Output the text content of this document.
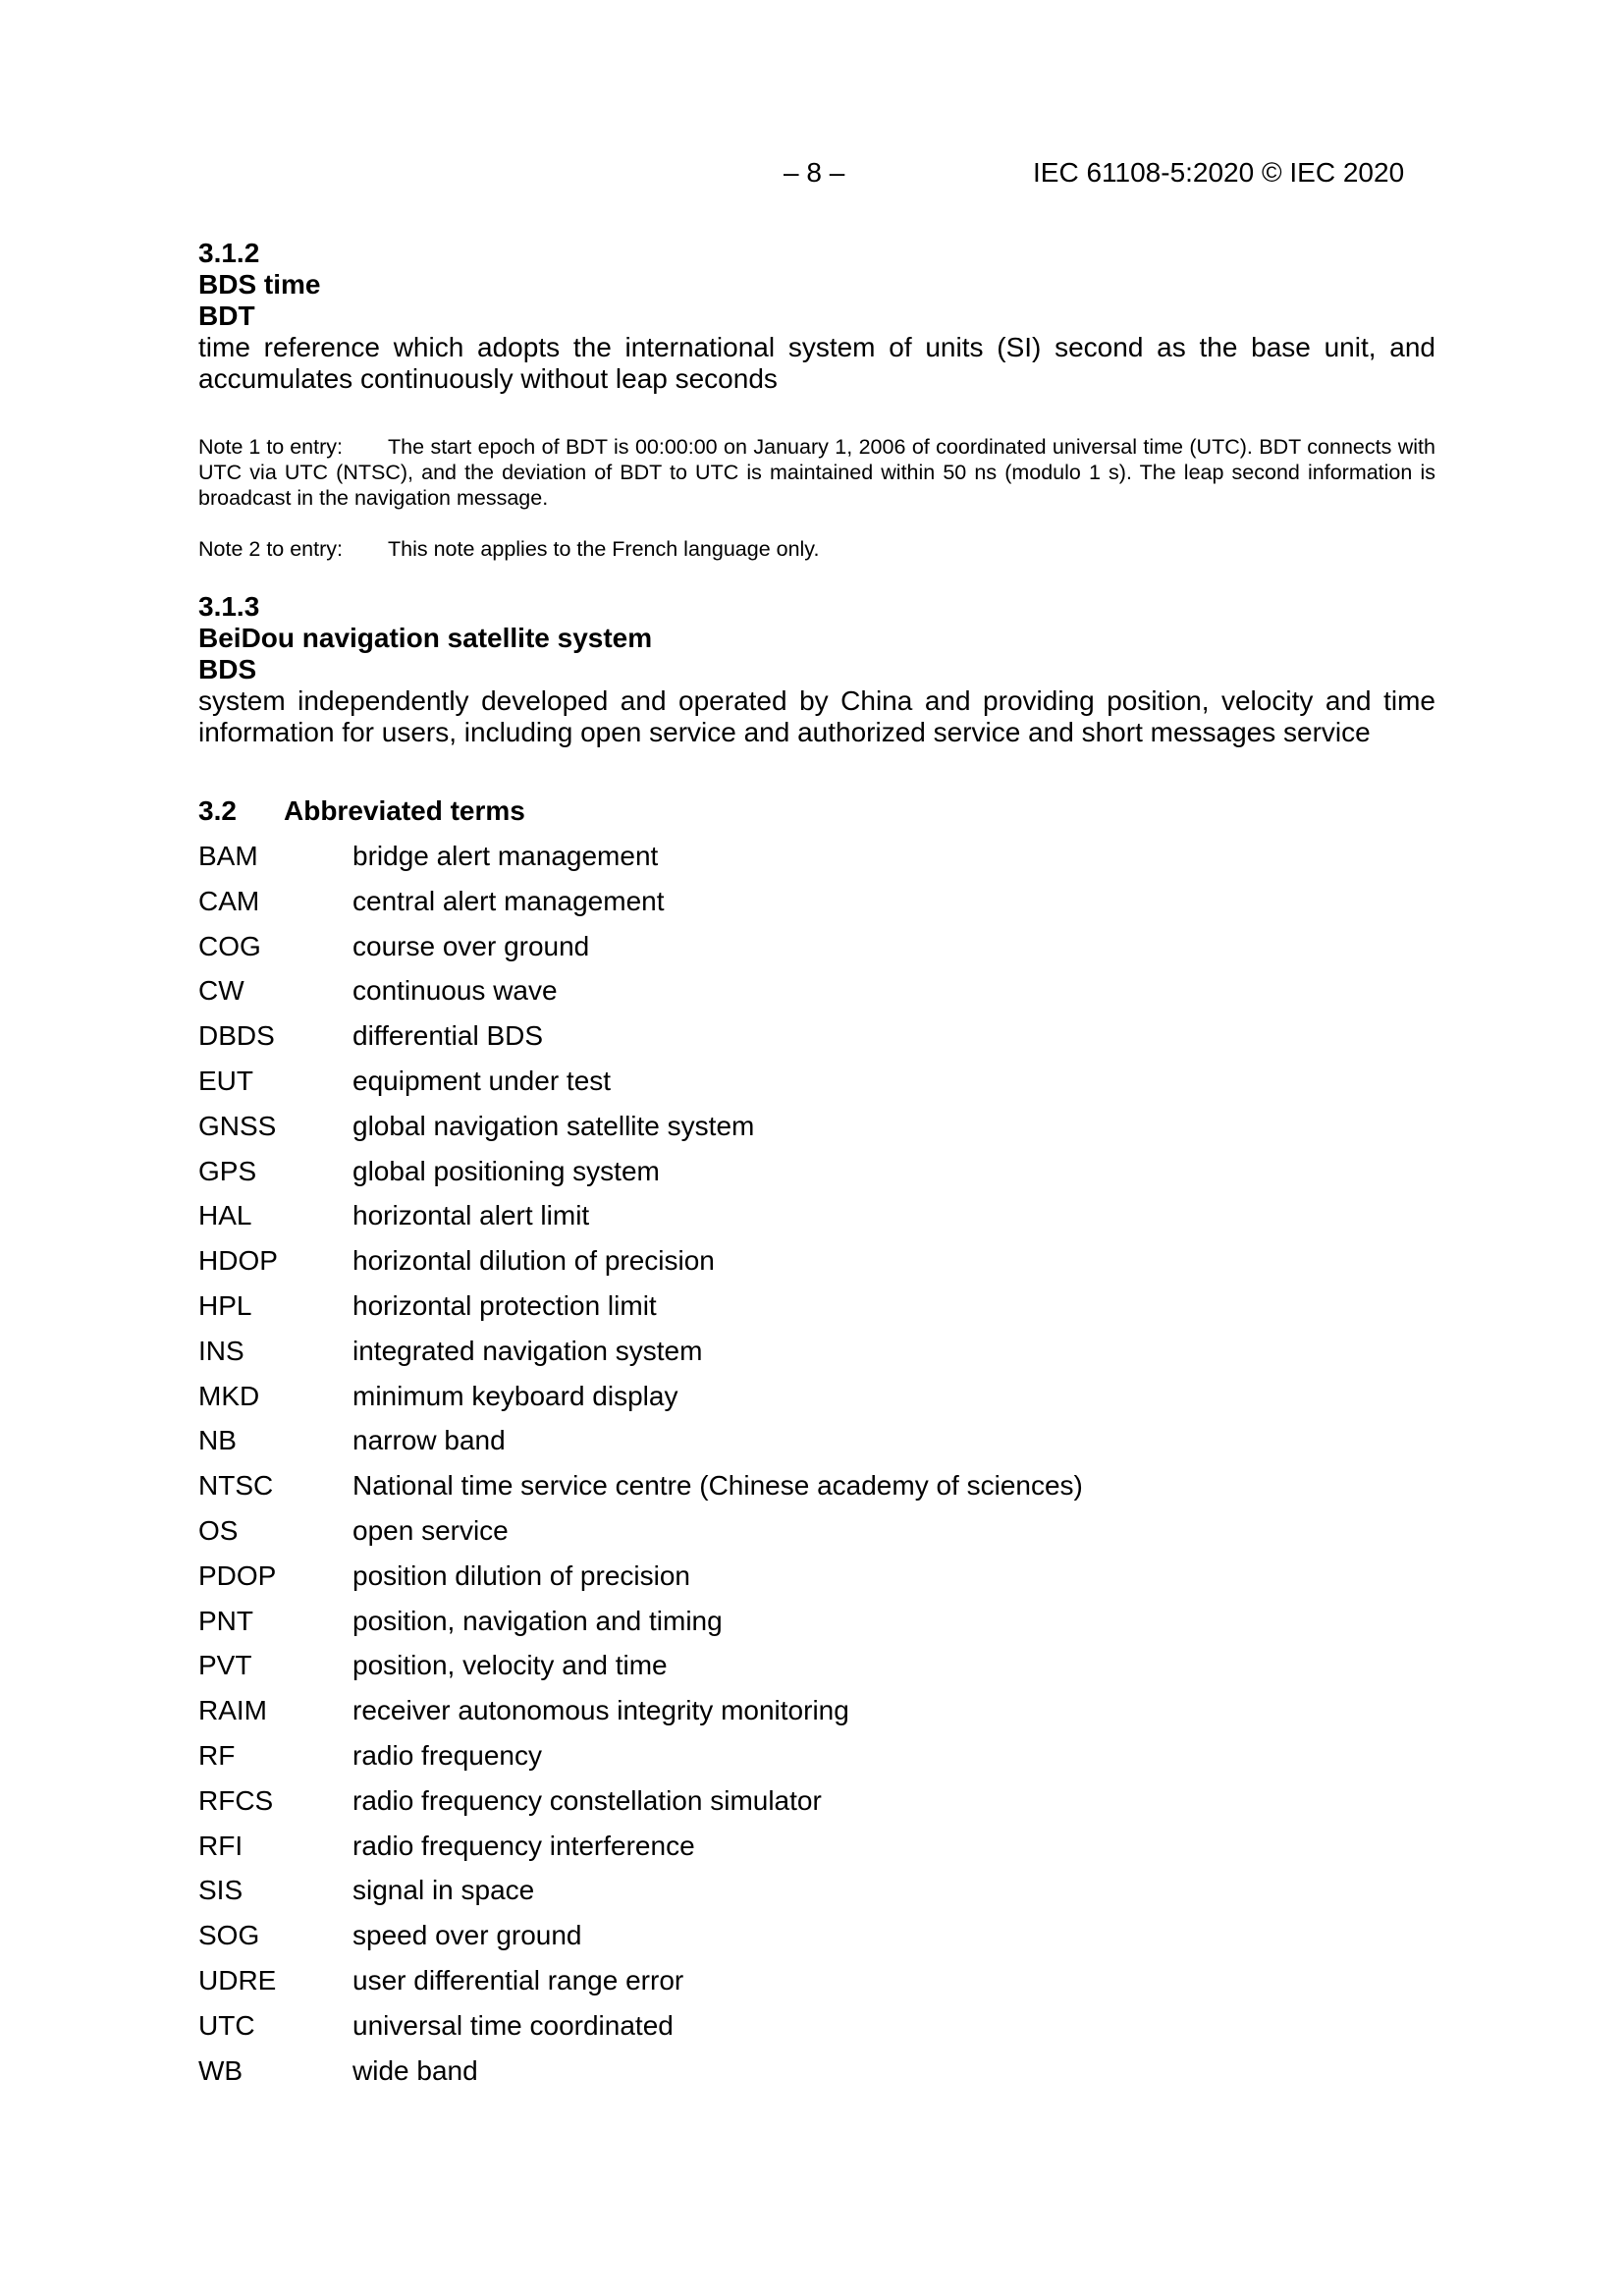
– 8 –	IEC 61108-5:2020 © IEC 2020
3.1.2
BDS time
BDT
time reference which adopts the international system of units (SI) second as the base unit, and accumulates continuously without leap seconds
Note 1 to entry: The start epoch of BDT is 00:00:00 on January 1, 2006 of coordinated universal time (UTC). BDT connects with UTC via UTC (NTSC), and the deviation of BDT to UTC is maintained within 50 ns (modulo 1 s). The leap second information is broadcast in the navigation message.
Note 2 to entry: This note applies to the French language only.
3.1.3
BeiDou navigation satellite system
BDS
system independently developed and operated by China and providing position, velocity and time information for users, including open service and authorized service and short messages service
3.2 Abbreviated terms
BAM	bridge alert management
CAM	central alert management
COG	course over ground
CW	continuous wave
DBDS	differential BDS
EUT	equipment under test
GNSS	global navigation satellite system
GPS	global positioning system
HAL	horizontal alert limit
HDOP	horizontal dilution of precision
HPL	horizontal protection limit
INS	integrated navigation system
MKD	minimum keyboard display
NB	narrow band
NTSC	National time service centre (Chinese academy of sciences)
OS	open service
PDOP	position dilution of precision
PNT	position, navigation and timing
PVT	position, velocity and time
RAIM	receiver autonomous integrity monitoring
RF	radio frequency
RFCS	radio frequency constellation simulator
RFI	radio frequency interference
SIS	signal in space
SOG	speed over ground
UDRE	user differential range error
UTC	universal time coordinated
WB	wide band
